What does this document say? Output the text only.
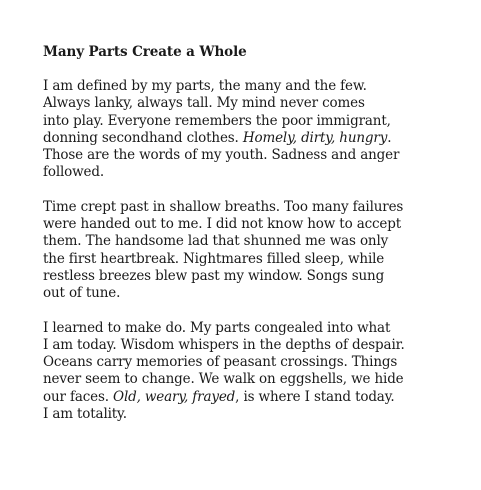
Many Parts Create a Whole
I am defined by my parts, the many and the few.
Always lanky, always tall. My mind never comes
into play. Everyone remembers the poor immigrant,
donning secondhand clothes. Homely, dirty, hungry.
Those are the words of my youth. Sadness and anger
followed.
Time crept past in shallow breaths. Too many failures
were handed out to me. I did not know how to accept
them. The handsome lad that shunned me was only
the first heartbreak. Nightmares filled sleep, while
restless breezes blew past my window. Songs sung
out of tune.
I learned to make do. My parts congealed into what
I am today. Wisdom whispers in the depths of despair.
Oceans carry memories of peasant crossings. Things
never seem to change. We walk on eggshells, we hide
our faces. Old, weary, frayed, is where I stand today.
I am totality.
